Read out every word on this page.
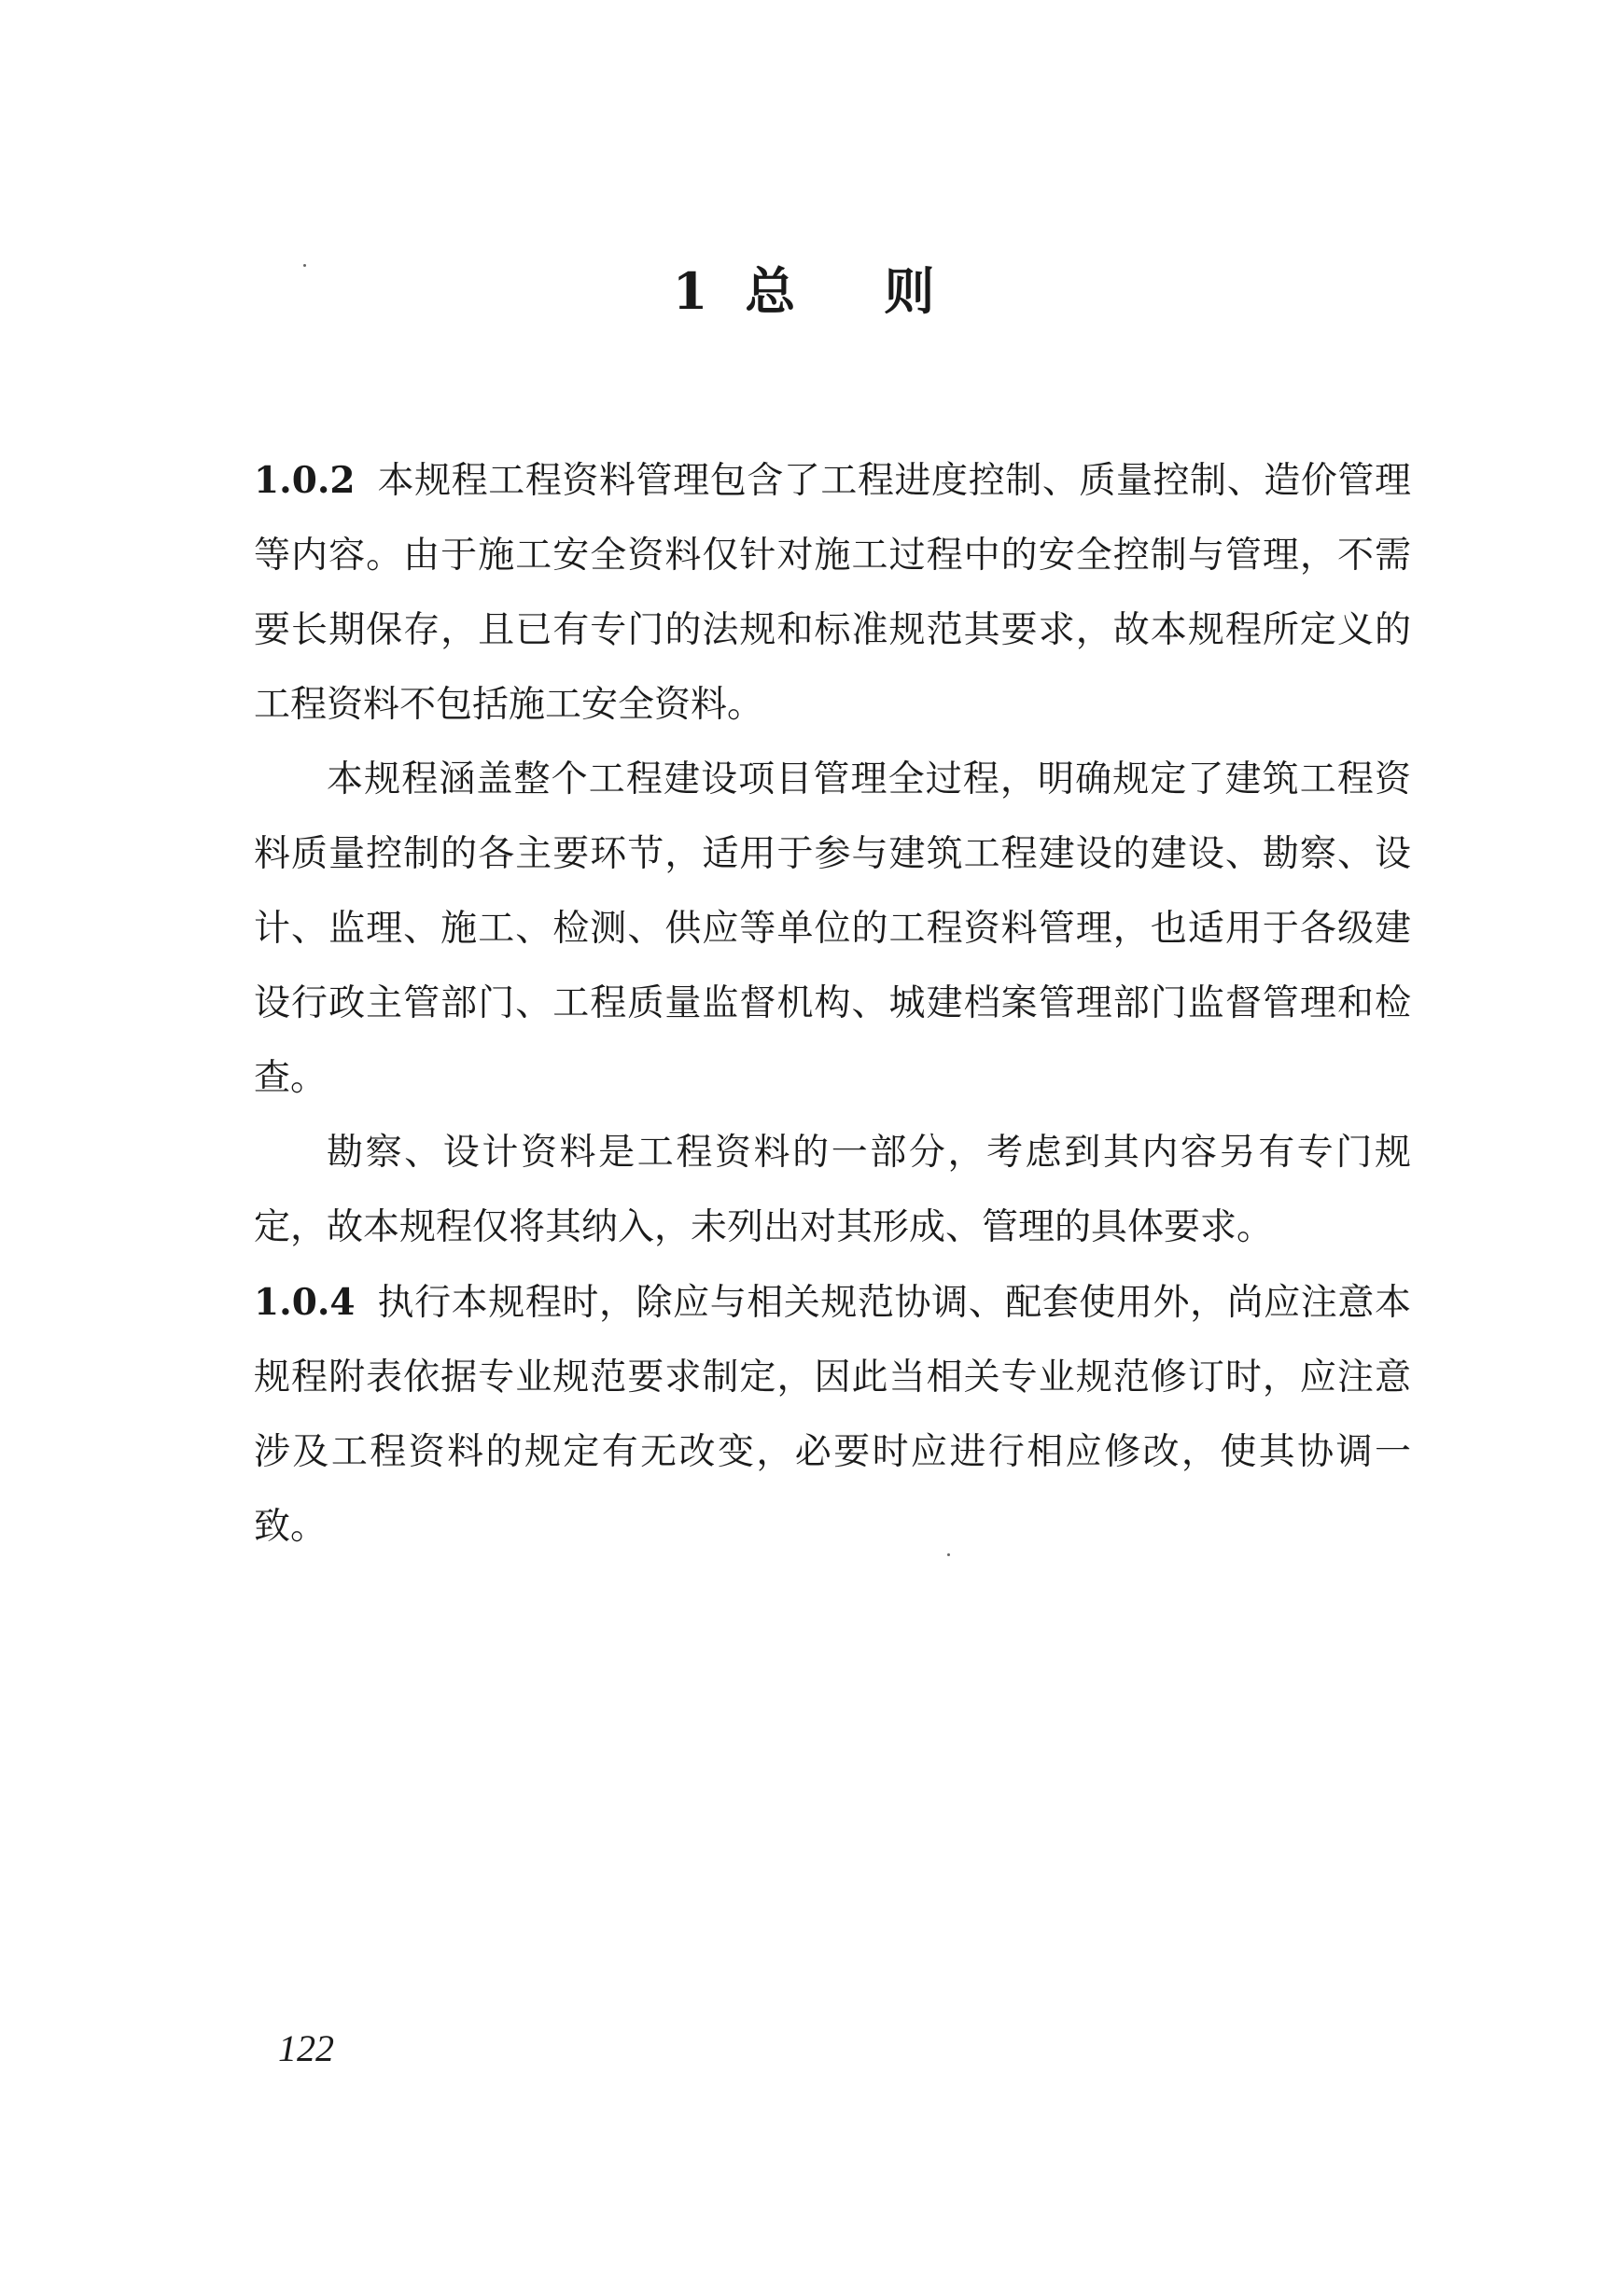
1 总 则

1.0.2 本规程工程资料管理包含了工程进度控制、质量控制、造价管理等内容。由于施工安全资料仅针对施工过程中的安全控制与管理，不需要长期保存，且已有专门的法规和标准规范其要求，故本规程所定义的工程资料不包括施工安全资料。

本规程涵盖整个工程建设项目管理全过程，明确规定了建筑工程资料质量控制的各主要环节，适用于参与建筑工程建设的建设、勘察、设计、监理、施工、检测、供应等单位的工程资料管理，也适用于各级建设行政主管部门、工程质量监督机构、城建档案管理部门监督管理和检查。

勘察、设计资料是工程资料的一部分，考虑到其内容另有专门规定，故本规程仅将其纳入，未列出对其形成、管理的具体要求。

1.0.4 执行本规程时，除应与相关规范协调、配套使用外，尚应注意本规程附表依据专业规范要求制定，因此当相关专业规范修订时，应注意涉及工程资料的规定有无改变，必要时应进行相应修改，使其协调一致。

122
